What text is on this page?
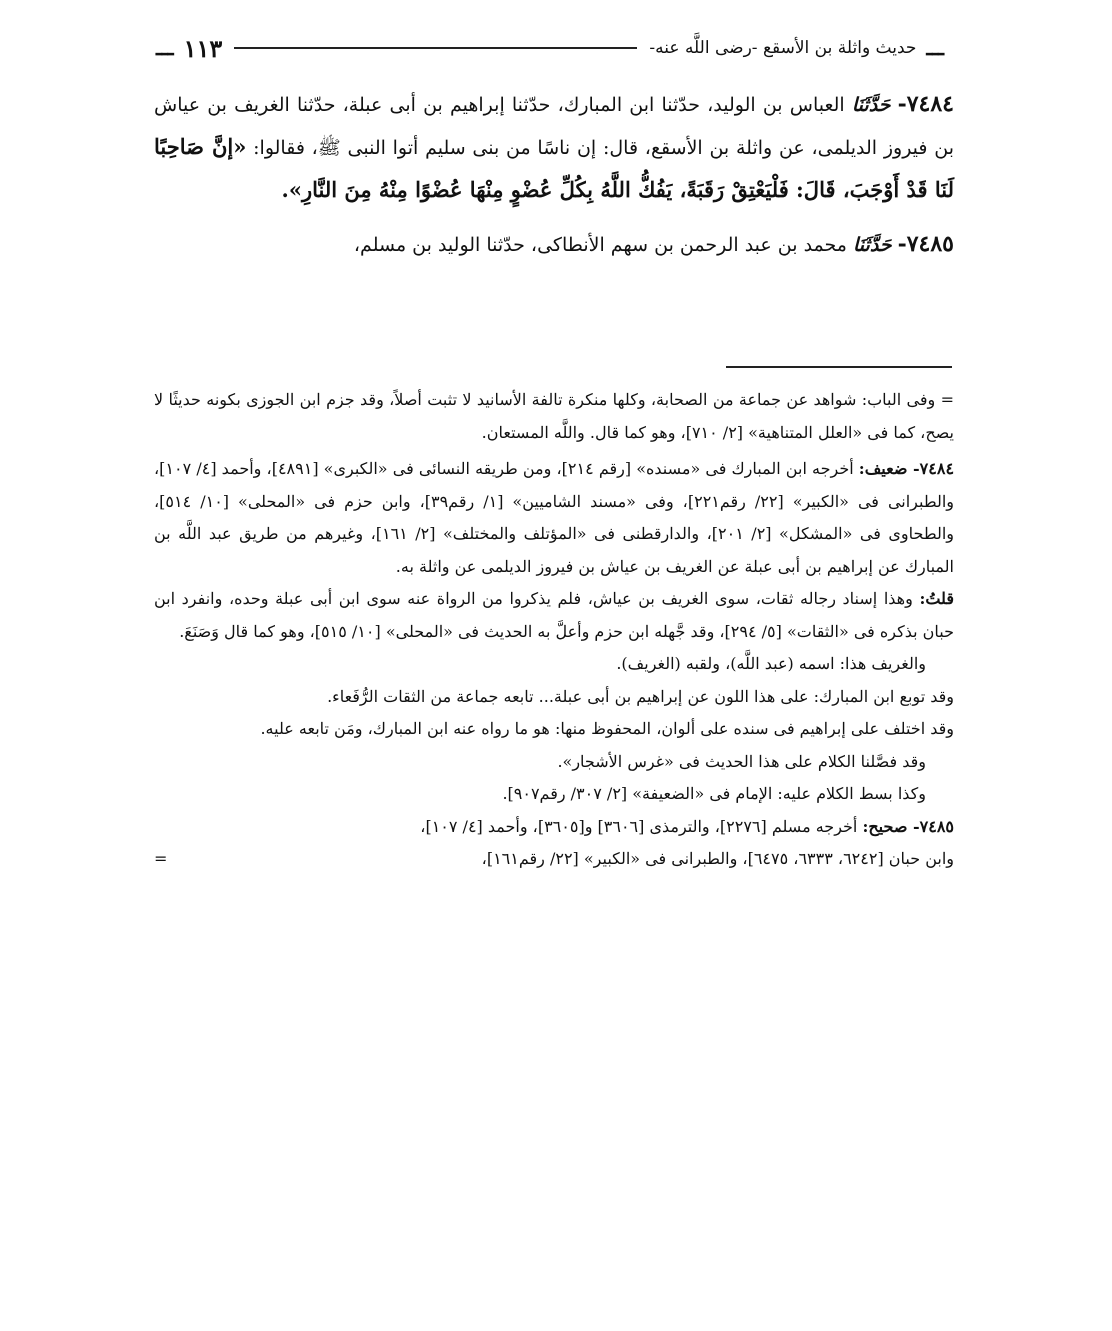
ـــ
حديث واثلة بن الأسقع -رضى اللَّه عنه-
١١٣
ـــ

٧٤٨٤- حَدَّثَنَا العباس بن الوليد، حدّثنا ابن المبارك، حدّثنا إبراهيم بن أبى عبلة، حدّثنا الغريف بن عياش بن فيروز الديلمى، عن واثلة بن الأسقع، قال: إن ناسًا من بنى سليم أتوا النبى ﷺ، فقالوا: «إنَّ صَاحِبًا لَنَا قَدْ أَوْجَبَ، قَالَ: فَلْيَعْتِقْ رَقَبَةً، يَفُكُّ اللَّهُ بِكُلِّ عُضْوٍ مِنْهَا عُضْوًا مِنْهُ مِنَ النَّارِ».

٧٤٨٥- حَدَّثَنَا محمد بن عبد الرحمن بن سهم الأنطاكى، حدّثنا الوليد بن مسلم،

= وفى الباب: شواهد عن جماعة من الصحابة، وكلها منكرة تالفة الأسانيد لا تثبت أصلاً، وقد جزم ابن الجوزى بكونه حديثًا لا يصح، كما فى «العلل المتناهية» [٢/ ٧١٠]، وهو كما قال. واللَّه المستعان.

٧٤٨٤- ضعيف: أخرجه ابن المبارك فى «مسنده» [رقم ٢١٤]، ومن طريقه النسائى فى «الكبرى» [٤٨٩١]، وأحمد [٤/ ١٠٧]، والطبرانى فى «الكبير» [٢٢/ رقم٢٢١]، وفى «مسند الشاميين» [١/ رقم٣٩]، وابن حزم فى «المحلى» [١٠/ ٥١٤]، والطحاوى فى «المشكل» [٢/ ٢٠١]، والدارقطنى فى «المؤتلف والمختلف» [٢/ ١٦١]، وغيرهم من طريق عبد اللَّه بن المبارك عن إبراهيم بن أبى عبلة عن الغريف بن عياش بن فيروز الديلمى عن واثلة به.

قلتُ: وهذا إسناد رجاله ثقات، سوى الغريف بن عياش، فلم يذكروا من الرواة عنه سوى ابن أبى عبلة وحده، وانفرد ابن حبان بذكره فى «الثقات» [٥/ ٢٩٤]، وقد جَّهله ابن حزم وأعلَّ به الحديث فى «المحلى» [١٠/ ٥١٥]، وهو كما قال وَصَنَعَ.

والغريف هذا: اسمه (عبد اللَّه)، ولقبه (الغريف).

وقد توبع ابن المبارك: على هذا اللون عن إبراهيم بن أبى عبلة... تابعه جماعة من الثقات الرُّفَعاء.

وقد اختلف على إبراهيم فى سنده على ألوان، المحفوظ منها: هو ما رواه عنه ابن المبارك، ومَن تابعه عليه.

وقد فصَّلنا الكلام على هذا الحديث فى «غرس الأشجار».

وكذا بسط الكلام عليه: الإمام فى «الضعيفة» [٢/ ٣٠٧/ رقم٩٠٧].

٧٤٨٥- صحيح: أخرجه مسلم [٢٢٧٦]، والترمذى [٣٦٠٦] و[٣٦٠٥]، وأحمد [٤/ ١٠٧]،

وابن حبان [٦٢٤٢، ٦٣٣٣، ٦٤٧٥]، والطبرانى فى «الكبير» [٢٢/ رقم١٦١]،
=
